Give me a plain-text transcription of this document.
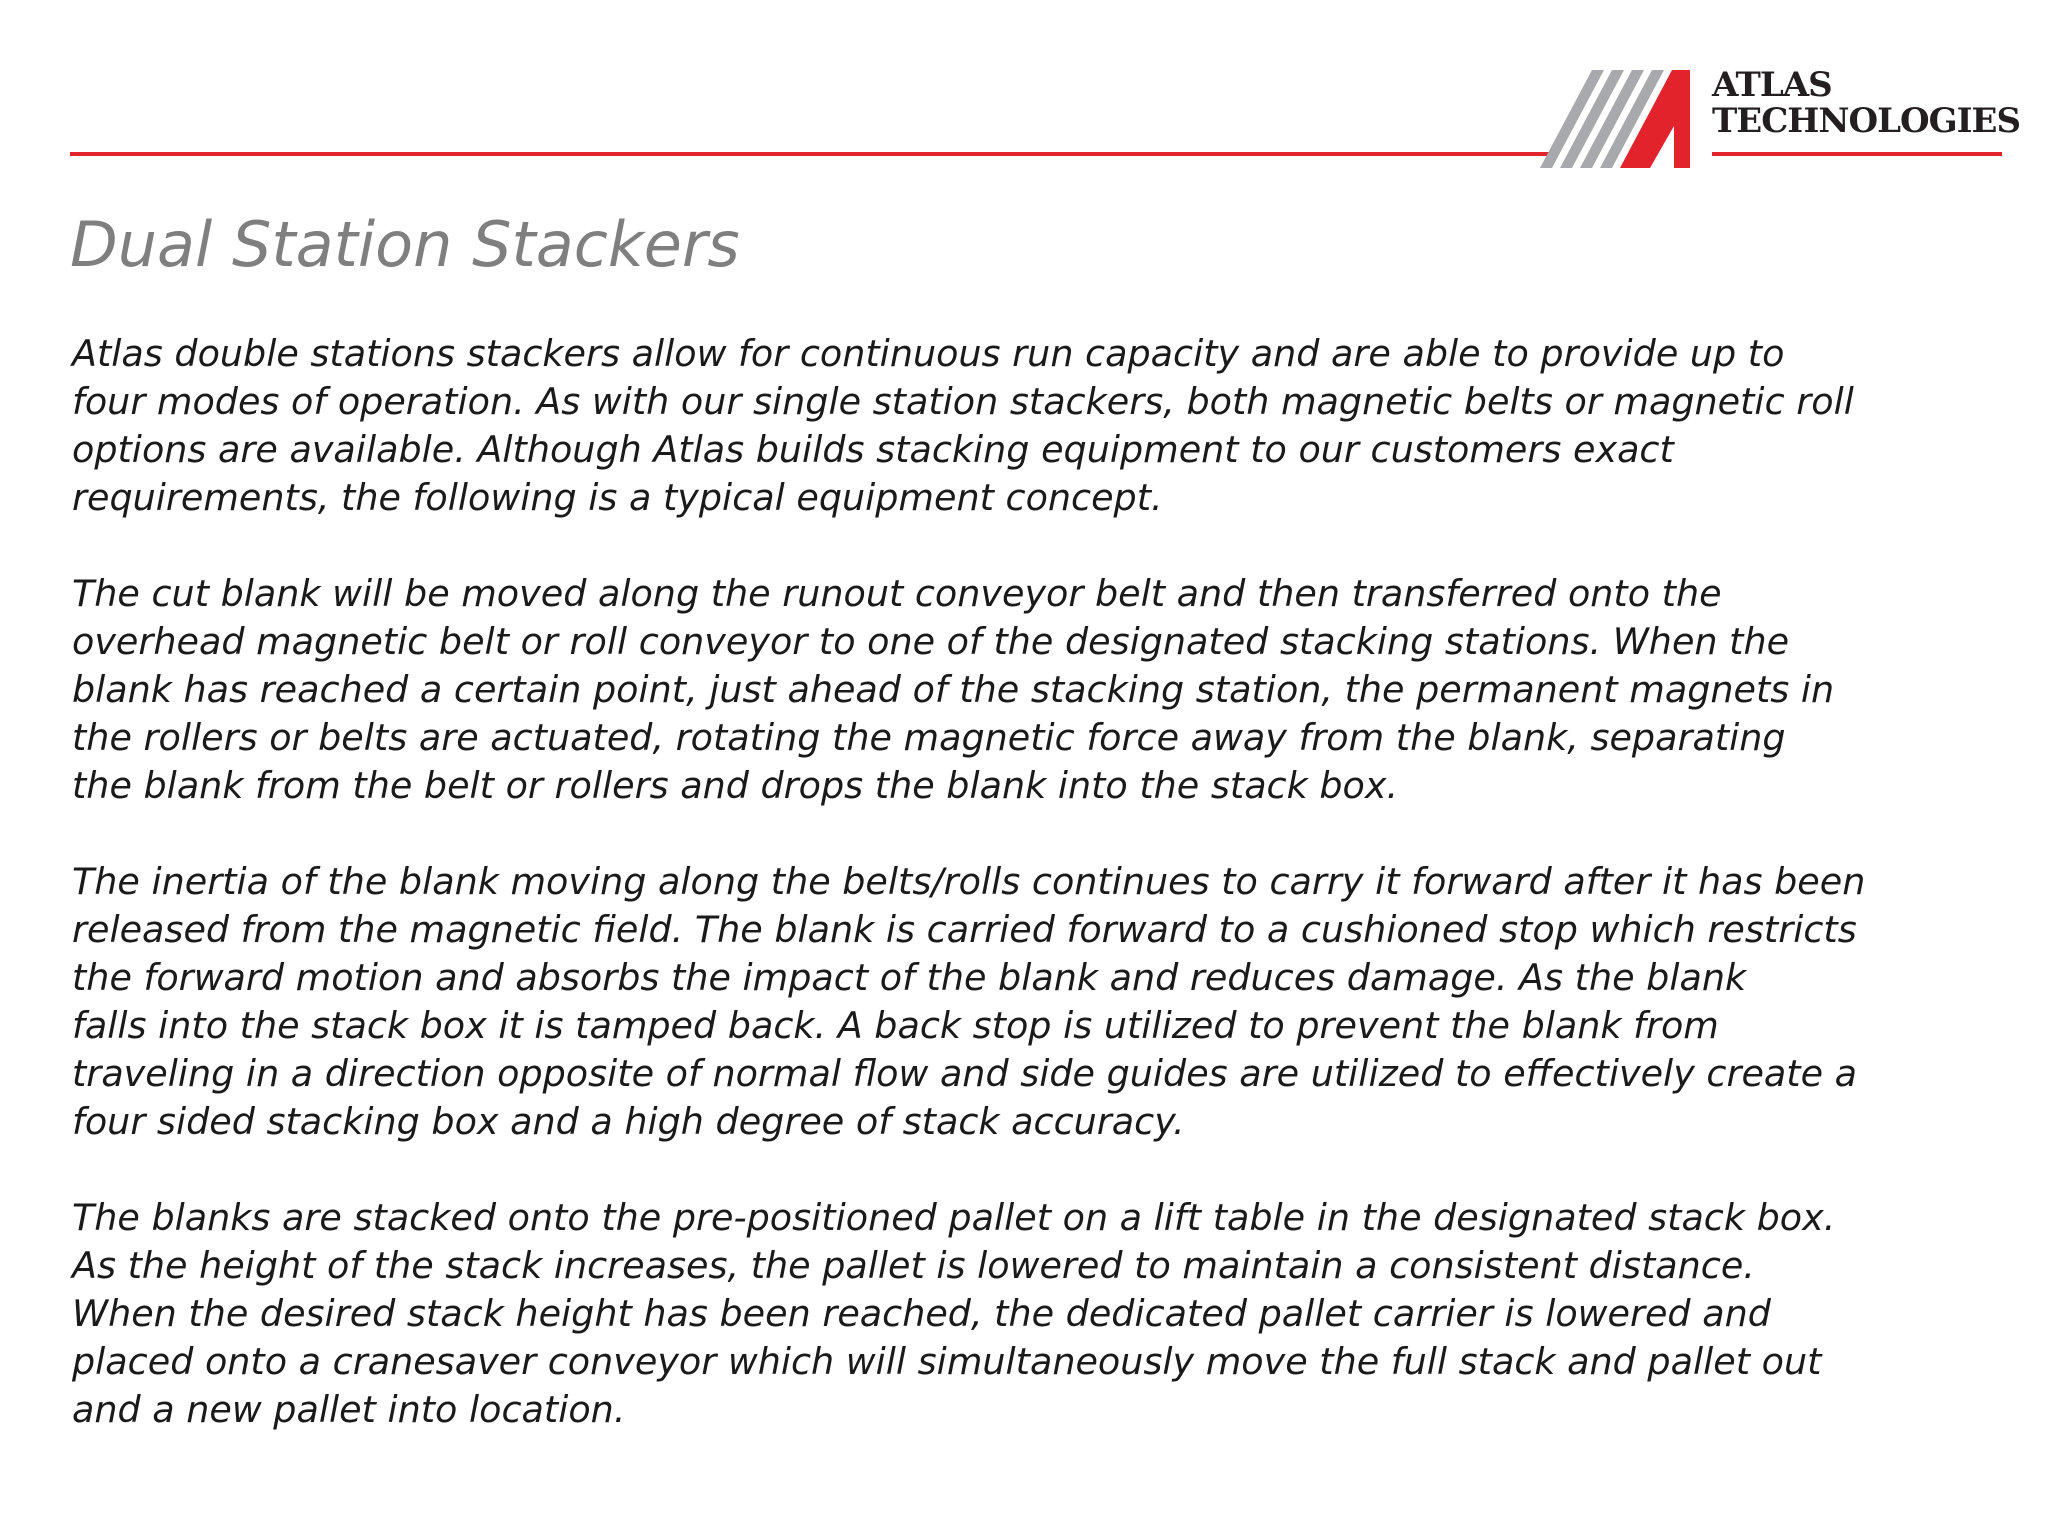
ATLAS
TECHNOLOGIES
Dual Station Stackers

Atlas double stations stackers allow for continuous run capacity and are able to provide up to
four modes of operation. As with our single station stackers, both magnetic belts or magnetic roll
options are available. Although Atlas builds stacking equipment to our customers exact
requirements, the following is a typical equipment concept.

The cut blank will be moved along the runout conveyor belt and then transferred onto the
overhead magnetic belt or roll conveyor to one of the designated stacking stations. When the
blank has reached a certain point, just ahead of the stacking station, the permanent magnets in
the rollers or belts are actuated, rotating the magnetic force away from the blank, separating
the blank from the belt or rollers and drops the blank into the stack box.

The inertia of the blank moving along the belts/rolls continues to carry it forward after it has been
released from the magnetic field. The blank is carried forward to a cushioned stop which restricts
the forward motion and absorbs the impact of the blank and reduces damage. As the blank
falls into the stack box it is tamped back. A back stop is utilized to prevent the blank from
traveling in a direction opposite of normal flow and side guides are utilized to effectively create a
four sided stacking box and a high degree of stack accuracy.

The blanks are stacked onto the pre-positioned pallet on a lift table in the designated stack box.
As the height of the stack increases, the pallet is lowered to maintain a consistent distance.
When the desired stack height has been reached, the dedicated pallet carrier is lowered and
placed onto a cranesaver conveyor which will simultaneously move the full stack and pallet out
and a new pallet into location.
